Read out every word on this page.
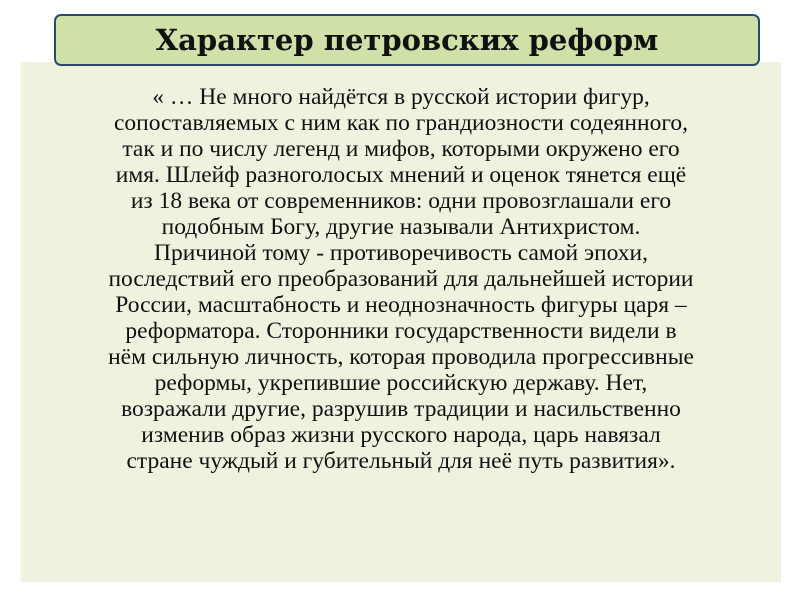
Характер петровских реформ
« … Не много найдётся в русской истории фигур,
сопоставляемых с ним как по грандиозности содеянного,
так и по числу легенд и мифов, которыми окружено его
имя. Шлейф разноголосых мнений и оценок тянется ещё
из 18 века от современников: одни провозглашали его
подобным Богу, другие называли Антихристом.
Причиной тому - противоречивость самой эпохи,
последствий его преобразований для дальнейшей истории
России, масштабность и неоднозначность фигуры царя –
реформатора. Сторонники государственности видели в
нём сильную личность, которая проводила прогрессивные
реформы, укрепившие российскую державу. Нет,
возражали другие, разрушив традиции и насильственно
изменив образ жизни русского народа, царь навязал
стране чуждый и губительный для неё путь развития».
